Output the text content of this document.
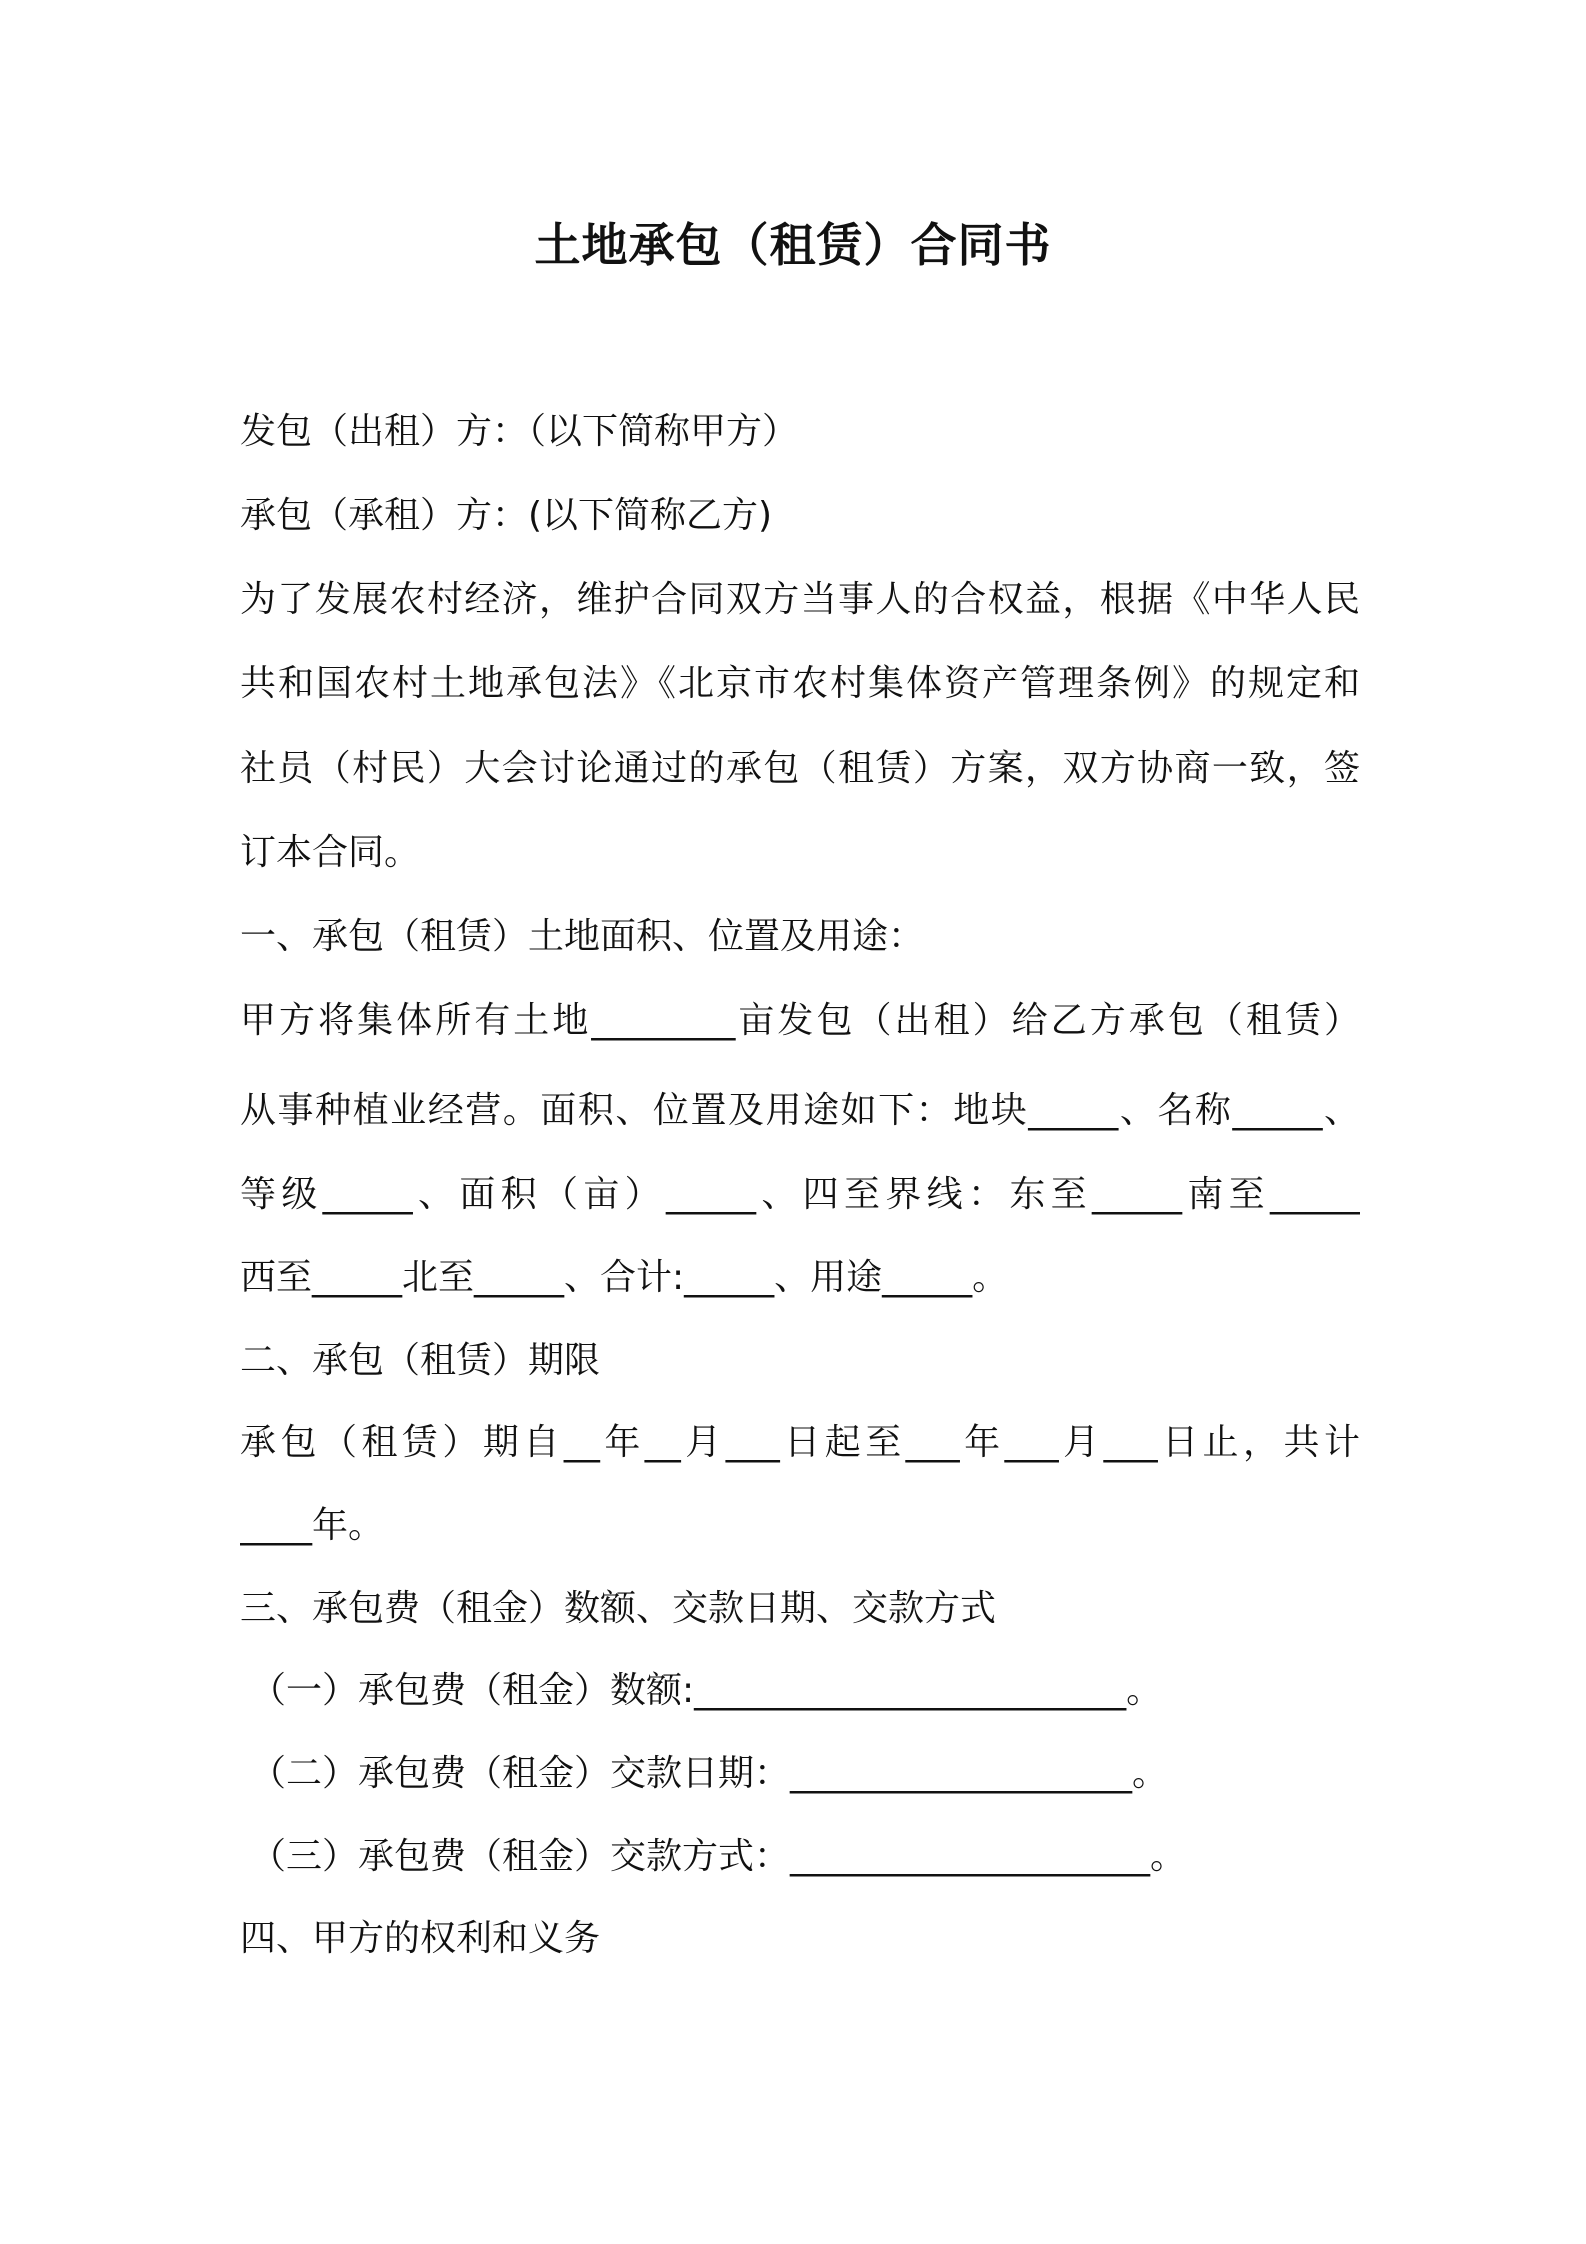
土地承包（租赁）合同书
发包（出租）方：（以下简称甲方）
承包（承租）方：(以下简称乙方)
为了发展农村经济，维护合同双方当事人的合权益，根据《中华人民
共和国农村土地承包法》《北京市农村集体资产管理条例》的规定和
社员（村民）大会讨论通过的承包（租赁）方案，双方协商一致，签
订本合同。
一、承包（租赁）土地面积、位置及用途：
甲方将集体所有土地________亩发包（出租）给乙方承包（租赁）
从事种植业经营。面积、位置及用途如下：地块_____、名称_____、
等级_____、面积（亩）_____、四至界线：东至_____南至_____
西至_____北至_____、合计:_____、用途_____。
二、承包（租赁）期限
承包（租赁）期自__年__月___日起至___年___月___日止，共计
____年。
三、承包费（租金）数额、交款日期、交款方式
（一）承包费（租金）数额:________________________。
（二）承包费（租金）交款日期：___________________。
（三）承包费（租金）交款方式：____________________。
四、甲方的权利和义务
